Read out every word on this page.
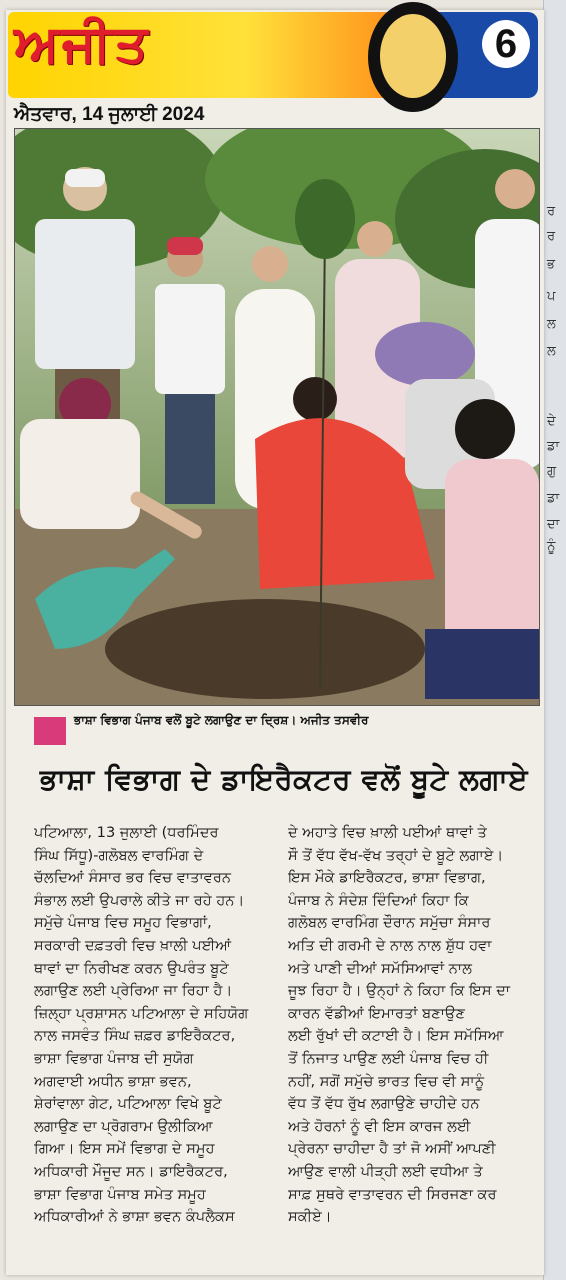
ਰ
ਰ
ਭ
ਪ
ਲ
ਲ
ਦੇ
ਡਾ
ਗੁ
ਡਾ
ਦਾ
ਨੂੰ
ਅਜੀਤ	6
ਐਤਵਾਰ, 14 ਜੁਲਾਈ 2024
ਭਾਸ਼ਾ ਵਿਭਾਗ ਪੰਜਾਬ ਵਲੋਂ ਬੂਟੇ ਲਗਾਉਣ ਦਾ ਦ੍ਰਿਸ਼। ਅਜੀਤ ਤਸਵੀਰ
ਭਾਸ਼ਾ ਵਿਭਾਗ ਦੇ ਡਾਇਰੈਕਟਰ ਵਲੋਂ ਬੂਟੇ ਲਗਾਏ
ਪਟਿਆਲਾ, 13 ਜੁਲਾਈ (ਧਰਮਿੰਦਰ
ਸਿੰਘ ਸਿੱਧੂ)-ਗਲੋਬਲ ਵਾਰਮਿੰਗ ਦੇ
ਚੱਲਦਿਆਂ ਸੰਸਾਰ ਭਰ ਵਿਚ ਵਾਤਾਵਰਨ
ਸੰਭਾਲ ਲਈ ਉਪਰਾਲੇ ਕੀਤੇ ਜਾ ਰਹੇ ਹਨ।
ਸਮੁੱਚੇ ਪੰਜਾਬ ਵਿਚ ਸਮੂਹ ਵਿਭਾਗਾਂ,
ਸਰਕਾਰੀ ਦਫ਼ਤਰੀ ਵਿਚ ਖ਼ਾਲੀ ਪਈਆਂ
ਥਾਵਾਂ ਦਾ ਨਿਰੀਖਣ ਕਰਨ ਉਪਰੰਤ ਬੂਟੇ
ਲਗਾਉਣ ਲਈ ਪ੍ਰੇਰਿਆ ਜਾ ਰਿਹਾ ਹੈ।
ਜ਼ਿਲ੍ਹਾ ਪ੍ਰਸ਼ਾਸਨ ਪਟਿਆਲਾ ਦੇ ਸਹਿਯੋਗ
ਨਾਲ ਜਸਵੰਤ ਸਿੰਘ ਜ਼ਫ਼ਰ ਡਾਇਰੈਕਟਰ,
ਭਾਸ਼ਾ ਵਿਭਾਗ ਪੰਜਾਬ ਦੀ ਸੁਯੋਗ
ਅਗਵਾਈ ਅਧੀਨ ਭਾਸ਼ਾ ਭਵਨ,
ਸ਼ੇਰਾਂਵਾਲਾ ਗੇਟ, ਪਟਿਆਲਾ ਵਿਖੇ ਬੂਟੇ
ਲਗਾਉਣ ਦਾ ਪ੍ਰੋਗਰਾਮ ਉਲੀਕਿਆ
ਗਿਆ। ਇਸ ਸਮੇਂ ਵਿਭਾਗ ਦੇ ਸਮੂਹ
ਅਧਿਕਾਰੀ ਮੌਜੂਦ ਸਨ। ਡਾਇਰੈਕਟਰ,
ਭਾਸ਼ਾ ਵਿਭਾਗ ਪੰਜਾਬ ਸਮੇਤ ਸਮੂਹ
ਅਧਿਕਾਰੀਆਂ ਨੇ ਭਾਸ਼ਾ ਭਵਨ ਕੰਪਲੈਕਸ
ਦੇ ਅਹਾਤੇ ਵਿਚ ਖ਼ਾਲੀ ਪਈਆਂ ਥਾਵਾਂ ਤੇ
ਸੌ ਤੋਂ ਵੱਧ ਵੱਖ-ਵੱਖ ਤਰ੍ਹਾਂ ਦੇ ਬੂਟੇ ਲਗਾਏ।
ਇਸ ਮੌਕੇ ਡਾਇਰੈਕਟਰ, ਭਾਸ਼ਾ ਵਿਭਾਗ,
ਪੰਜਾਬ ਨੇ ਸੰਦੇਸ਼ ਦਿੰਦਿਆਂ ਕਿਹਾ ਕਿ
ਗਲੋਬਲ ਵਾਰਮਿੰਗ ਦੌਰਾਨ ਸਮੁੱਚਾ ਸੰਸਾਰ
ਅਤਿ ਦੀ ਗਰਮੀ ਦੇ ਨਾਲ ਨਾਲ ਸ਼ੁੱਧ ਹਵਾ
ਅਤੇ ਪਾਣੀ ਦੀਆਂ ਸਮੱਸਿਆਵਾਂ ਨਾਲ
ਜੂਝ ਰਿਹਾ ਹੈ। ਉਨ੍ਹਾਂ ਨੇ ਕਿਹਾ ਕਿ ਇਸ ਦਾ
ਕਾਰਨ ਵੱਡੀਆਂ ਇਮਾਰਤਾਂ ਬਣਾਉਣ
ਲਈ ਰੁੱਖਾਂ ਦੀ ਕਟਾਈ ਹੈ। ਇਸ ਸਮੱਸਿਆ
ਤੋਂ ਨਿਜਾਤ ਪਾਉਣ ਲਈ ਪੰਜਾਬ ਵਿਚ ਹੀ
ਨਹੀਂ, ਸਗੋਂ ਸਮੁੱਚੇ ਭਾਰਤ ਵਿਚ ਵੀ ਸਾਨੂੰ
ਵੱਧ ਤੋਂ ਵੱਧ ਰੁੱਖ ਲਗਾਉਣੇ ਚਾਹੀਦੇ ਹਨ
ਅਤੇ ਹੋਰਨਾਂ ਨੂੰ ਵੀ ਇਸ ਕਾਰਜ ਲਈ
ਪ੍ਰੇਰਨਾ ਚਾਹੀਦਾ ਹੈ ਤਾਂ ਜੋ ਅਸੀਂ ਆਪਣੀ
ਆਉਣ ਵਾਲੀ ਪੀੜ੍ਹੀ ਲਈ ਵਧੀਆ ਤੇ
ਸਾਫ਼ ਸੁਥਰੇ ਵਾਤਾਵਰਨ ਦੀ ਸਿਰਜਣਾ ਕਰ
ਸਕੀਏ।
